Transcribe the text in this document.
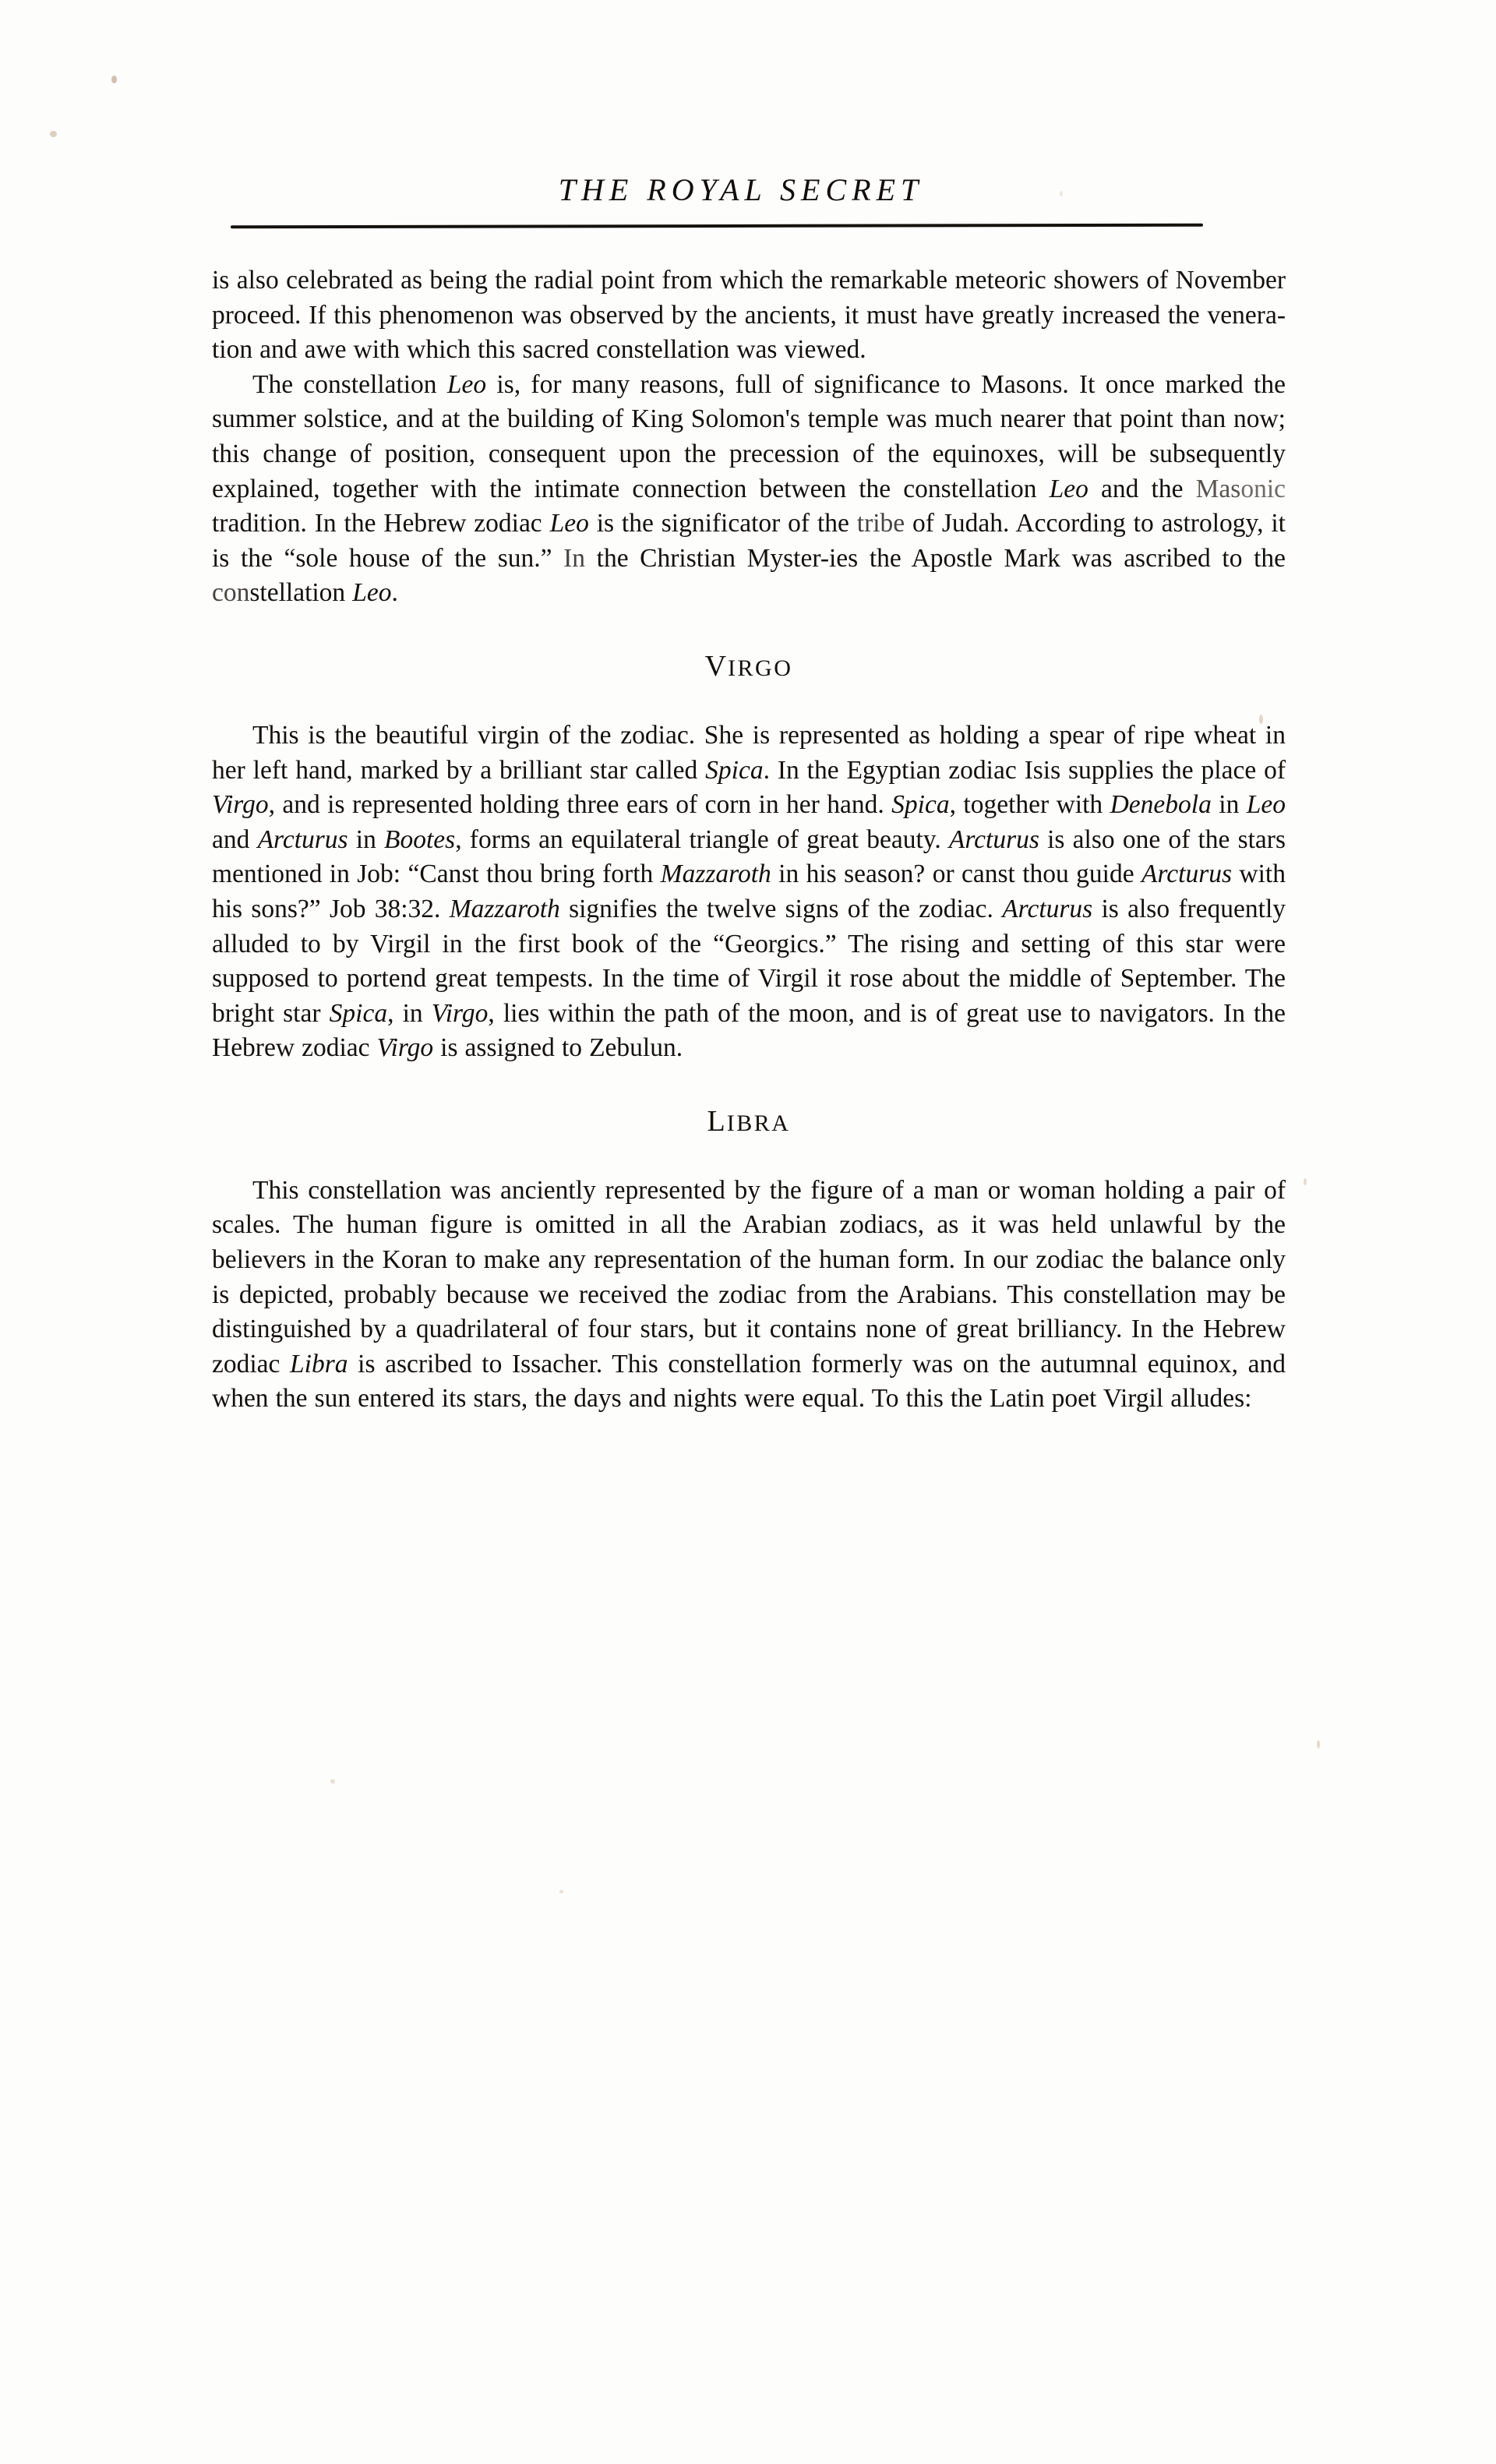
THE ROYAL SECRET

is also celebrated as being the radial point from which the remarkable meteoric showers of November proceed. If this phenomenon was observed by the ancients, it must have greatly increased the venera-tion and awe with which this sacred constellation was viewed.

The constellation Leo is, for many reasons, full of significance to Masons. It once marked the summer solstice, and at the building of King Solomon's temple was much nearer that point than now; this change of position, consequent upon the precession of the equinoxes, will be subsequently explained, together with the intimate connection between the constellation Leo and the Masonic tradition. In the Hebrew zodiac Leo is the significator of the tribe of Judah. According to astrology, it is the “sole house of the sun.” In the Christian Myster-ies the Apostle Mark was ascribed to the constellation Leo.

VIRGO

This is the beautiful virgin of the zodiac. She is represented as holding a spear of ripe wheat in her left hand, marked by a brilliant star called Spica. In the Egyptian zodiac Isis supplies the place of Virgo, and is represented holding three ears of corn in her hand. Spica, together with Denebola in Leo and Arcturus in Bootes, forms an equilateral triangle of great beauty. Arcturus is also one of the stars mentioned in Job: “Canst thou bring forth Mazzaroth in his season? or canst thou guide Arcturus with his sons?” Job 38:32. Mazzaroth signifies the twelve signs of the zodiac. Arcturus is also frequently alluded to by Virgil in the first book of the “Georgics.” The rising and setting of this star were supposed to portend great tempests. In the time of Virgil it rose about the middle of September. The bright star Spica, in Virgo, lies within the path of the moon, and is of great use to navigators. In the Hebrew zodiac Virgo is assigned to Zebulun.

LIBRA

This constellation was anciently represented by the figure of a man or woman holding a pair of scales. The human figure is omitted in all the Arabian zodiacs, as it was held unlawful by the believers in the Koran to make any representation of the human form. In our zodiac the balance only is depicted, probably because we received the zodiac from the Arabians. This constellation may be distinguished by a quadrilateral of four stars, but it contains none of great brilliancy. In the Hebrew zodiac Libra is ascribed to Issacher. This constellation formerly was on the autumnal equinox, and when the sun entered its stars, the days and nights were equal. To this the Latin poet Virgil alludes:
